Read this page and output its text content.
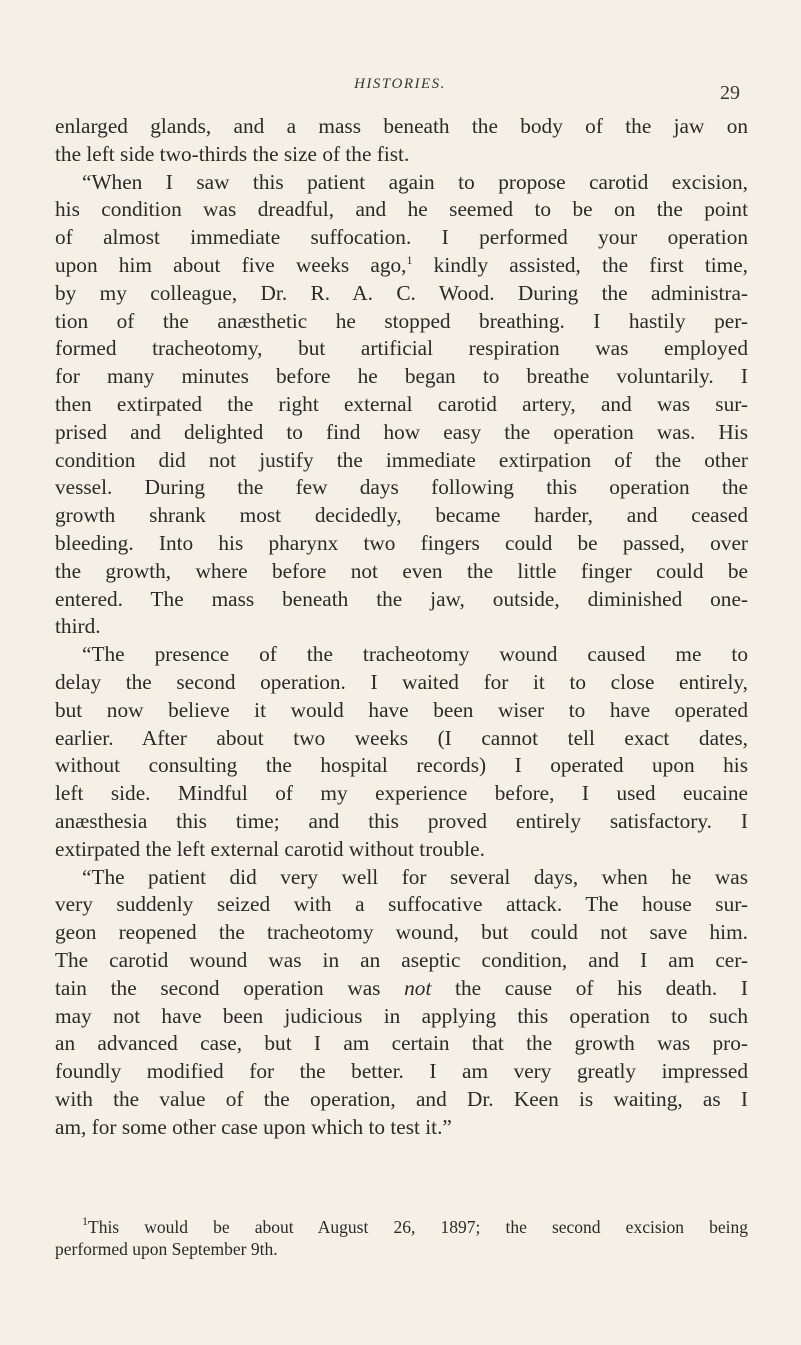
HISTORIES.	29
enlarged glands, and a mass beneath the body of the jaw on
the left side two-thirds the size of the fist.
“When I saw this patient again to propose carotid excision,
his condition was dreadful, and he seemed to be on the point
of almost immediate suffocation. I performed your operation
upon him about five weeks ago,$^1$ kindly assisted, the first time,
by my colleague, Dr. R. A. C. Wood. During the administra-
tion of the anæsthetic he stopped breathing. I hastily per-
formed tracheotomy, but artificial respiration was employed
for many minutes before he began to breathe voluntarily. I
then extirpated the right external carotid artery, and was sur-
prised and delighted to find how easy the operation was. His
condition did not justify the immediate extirpation of the other
vessel. During the few days following this operation the
growth shrank most decidedly, became harder, and ceased
bleeding. Into his pharynx two fingers could be passed, over
the growth, where before not even the little finger could be
entered. The mass beneath the jaw, outside, diminished one-
third.
“The presence of the tracheotomy wound caused me to
delay the second operation. I waited for it to close entirely,
but now believe it would have been wiser to have operated
earlier. After about two weeks (I cannot tell exact dates,
without consulting the hospital records) I operated upon his
left side. Mindful of my experience before, I used eucaine
anæsthesia this time; and this proved entirely satisfactory. I
extirpated the left external carotid without trouble.
“The patient did very well for several days, when he was
very suddenly seized with a suffocative attack. The house sur-
geon reopened the tracheotomy wound, but could not save him.
The carotid wound was in an aseptic condition, and I am cer-
tain the second operation was not the cause of his death. I
may not have been judicious in applying this operation to such
an advanced case, but I am certain that the growth was pro-
foundly modified for the better. I am very greatly impressed
with the value of the operation, and Dr. Keen is waiting, as I
am, for some other case upon which to test it.”
$^1$This would be about August 26, 1897; the second excision being
performed upon September 9th.
